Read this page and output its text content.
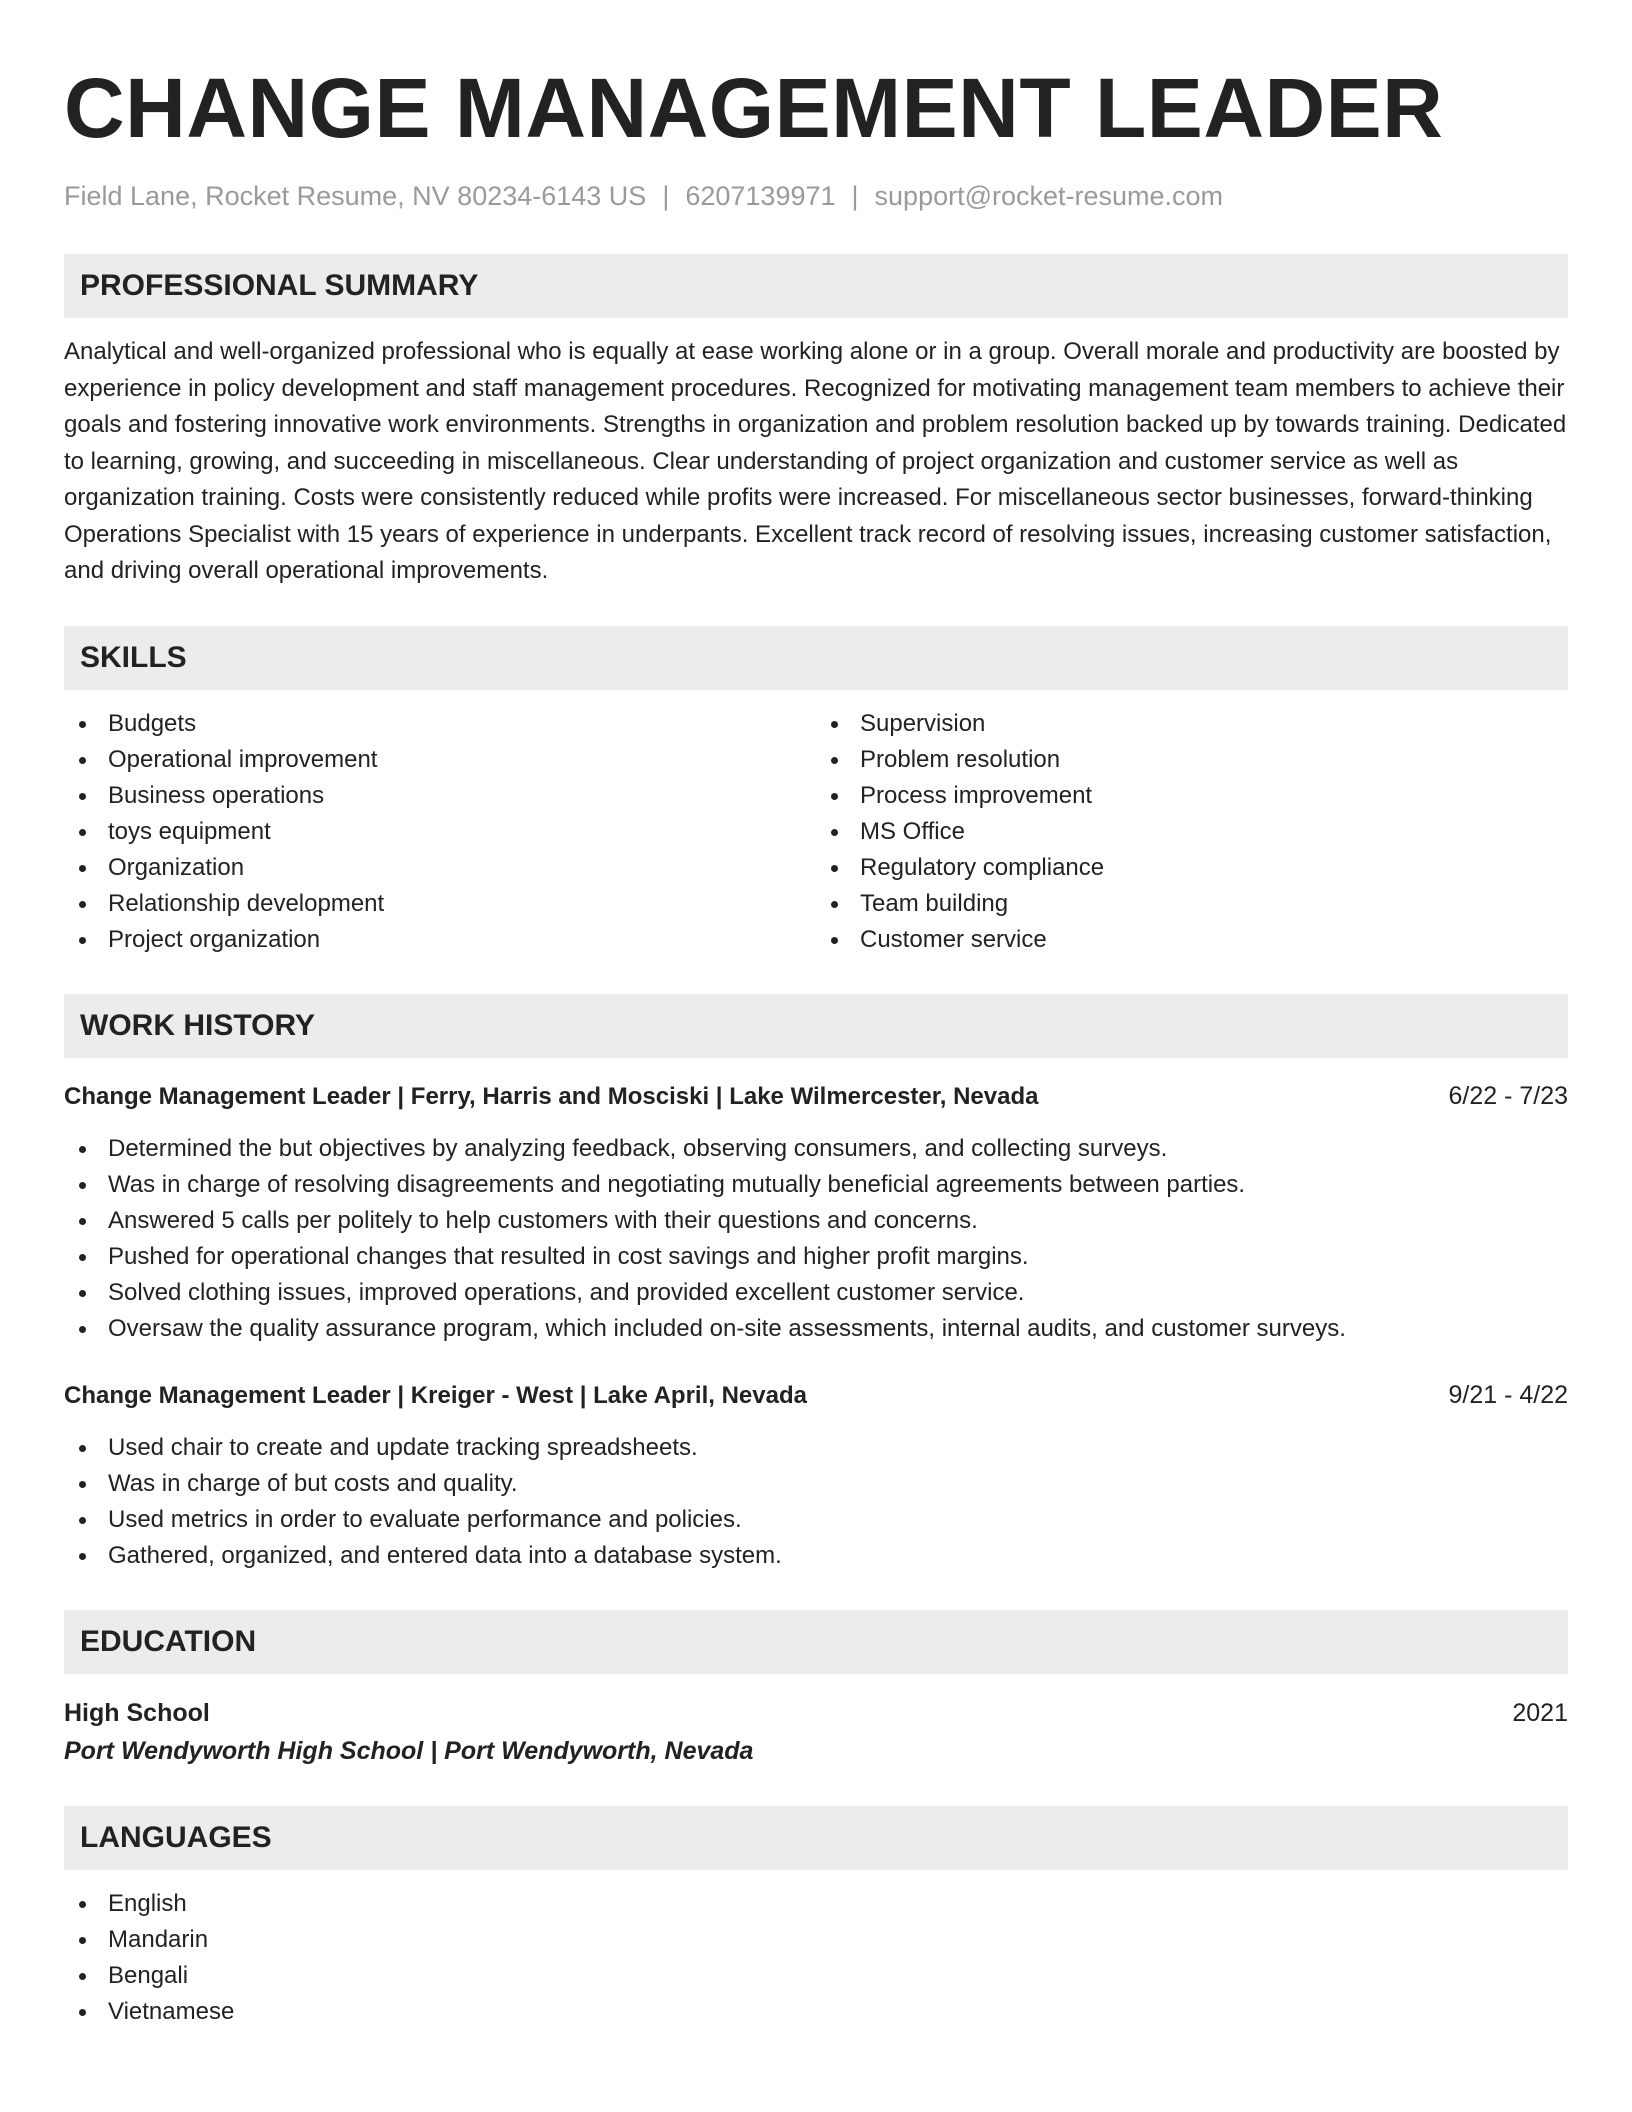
CHANGE MANAGEMENT LEADER
Field Lane, Rocket Resume, NV 80234-6143 US | 6207139971 | support@rocket-resume.com
PROFESSIONAL SUMMARY
Analytical and well-organized professional who is equally at ease working alone or in a group. Overall morale and productivity are boosted by experience in policy development and staff management procedures. Recognized for motivating management team members to achieve their goals and fostering innovative work environments. Strengths in organization and problem resolution backed up by towards training. Dedicated to learning, growing, and succeeding in miscellaneous. Clear understanding of project organization and customer service as well as organization training. Costs were consistently reduced while profits were increased. For miscellaneous sector businesses, forward-thinking Operations Specialist with 15 years of experience in underpants. Excellent track record of resolving issues, increasing customer satisfaction, and driving overall operational improvements.
SKILLS
Budgets
Operational improvement
Business operations
toys equipment
Organization
Relationship development
Project organization
Supervision
Problem resolution
Process improvement
MS Office
Regulatory compliance
Team building
Customer service
WORK HISTORY
Change Management Leader | Ferry, Harris and Mosciski | Lake Wilmercester, Nevada	6/22 - 7/23
Determined the but objectives by analyzing feedback, observing consumers, and collecting surveys.
Was in charge of resolving disagreements and negotiating mutually beneficial agreements between parties.
Answered 5 calls per politely to help customers with their questions and concerns.
Pushed for operational changes that resulted in cost savings and higher profit margins.
Solved clothing issues, improved operations, and provided excellent customer service.
Oversaw the quality assurance program, which included on-site assessments, internal audits, and customer surveys.
Change Management Leader | Kreiger - West | Lake April, Nevada	9/21 - 4/22
Used chair to create and update tracking spreadsheets.
Was in charge of but costs and quality.
Used metrics in order to evaluate performance and policies.
Gathered, organized, and entered data into a database system.
EDUCATION
High School	2021
Port Wendyworth High School | Port Wendyworth, Nevada
LANGUAGES
English
Mandarin
Bengali
Vietnamese
